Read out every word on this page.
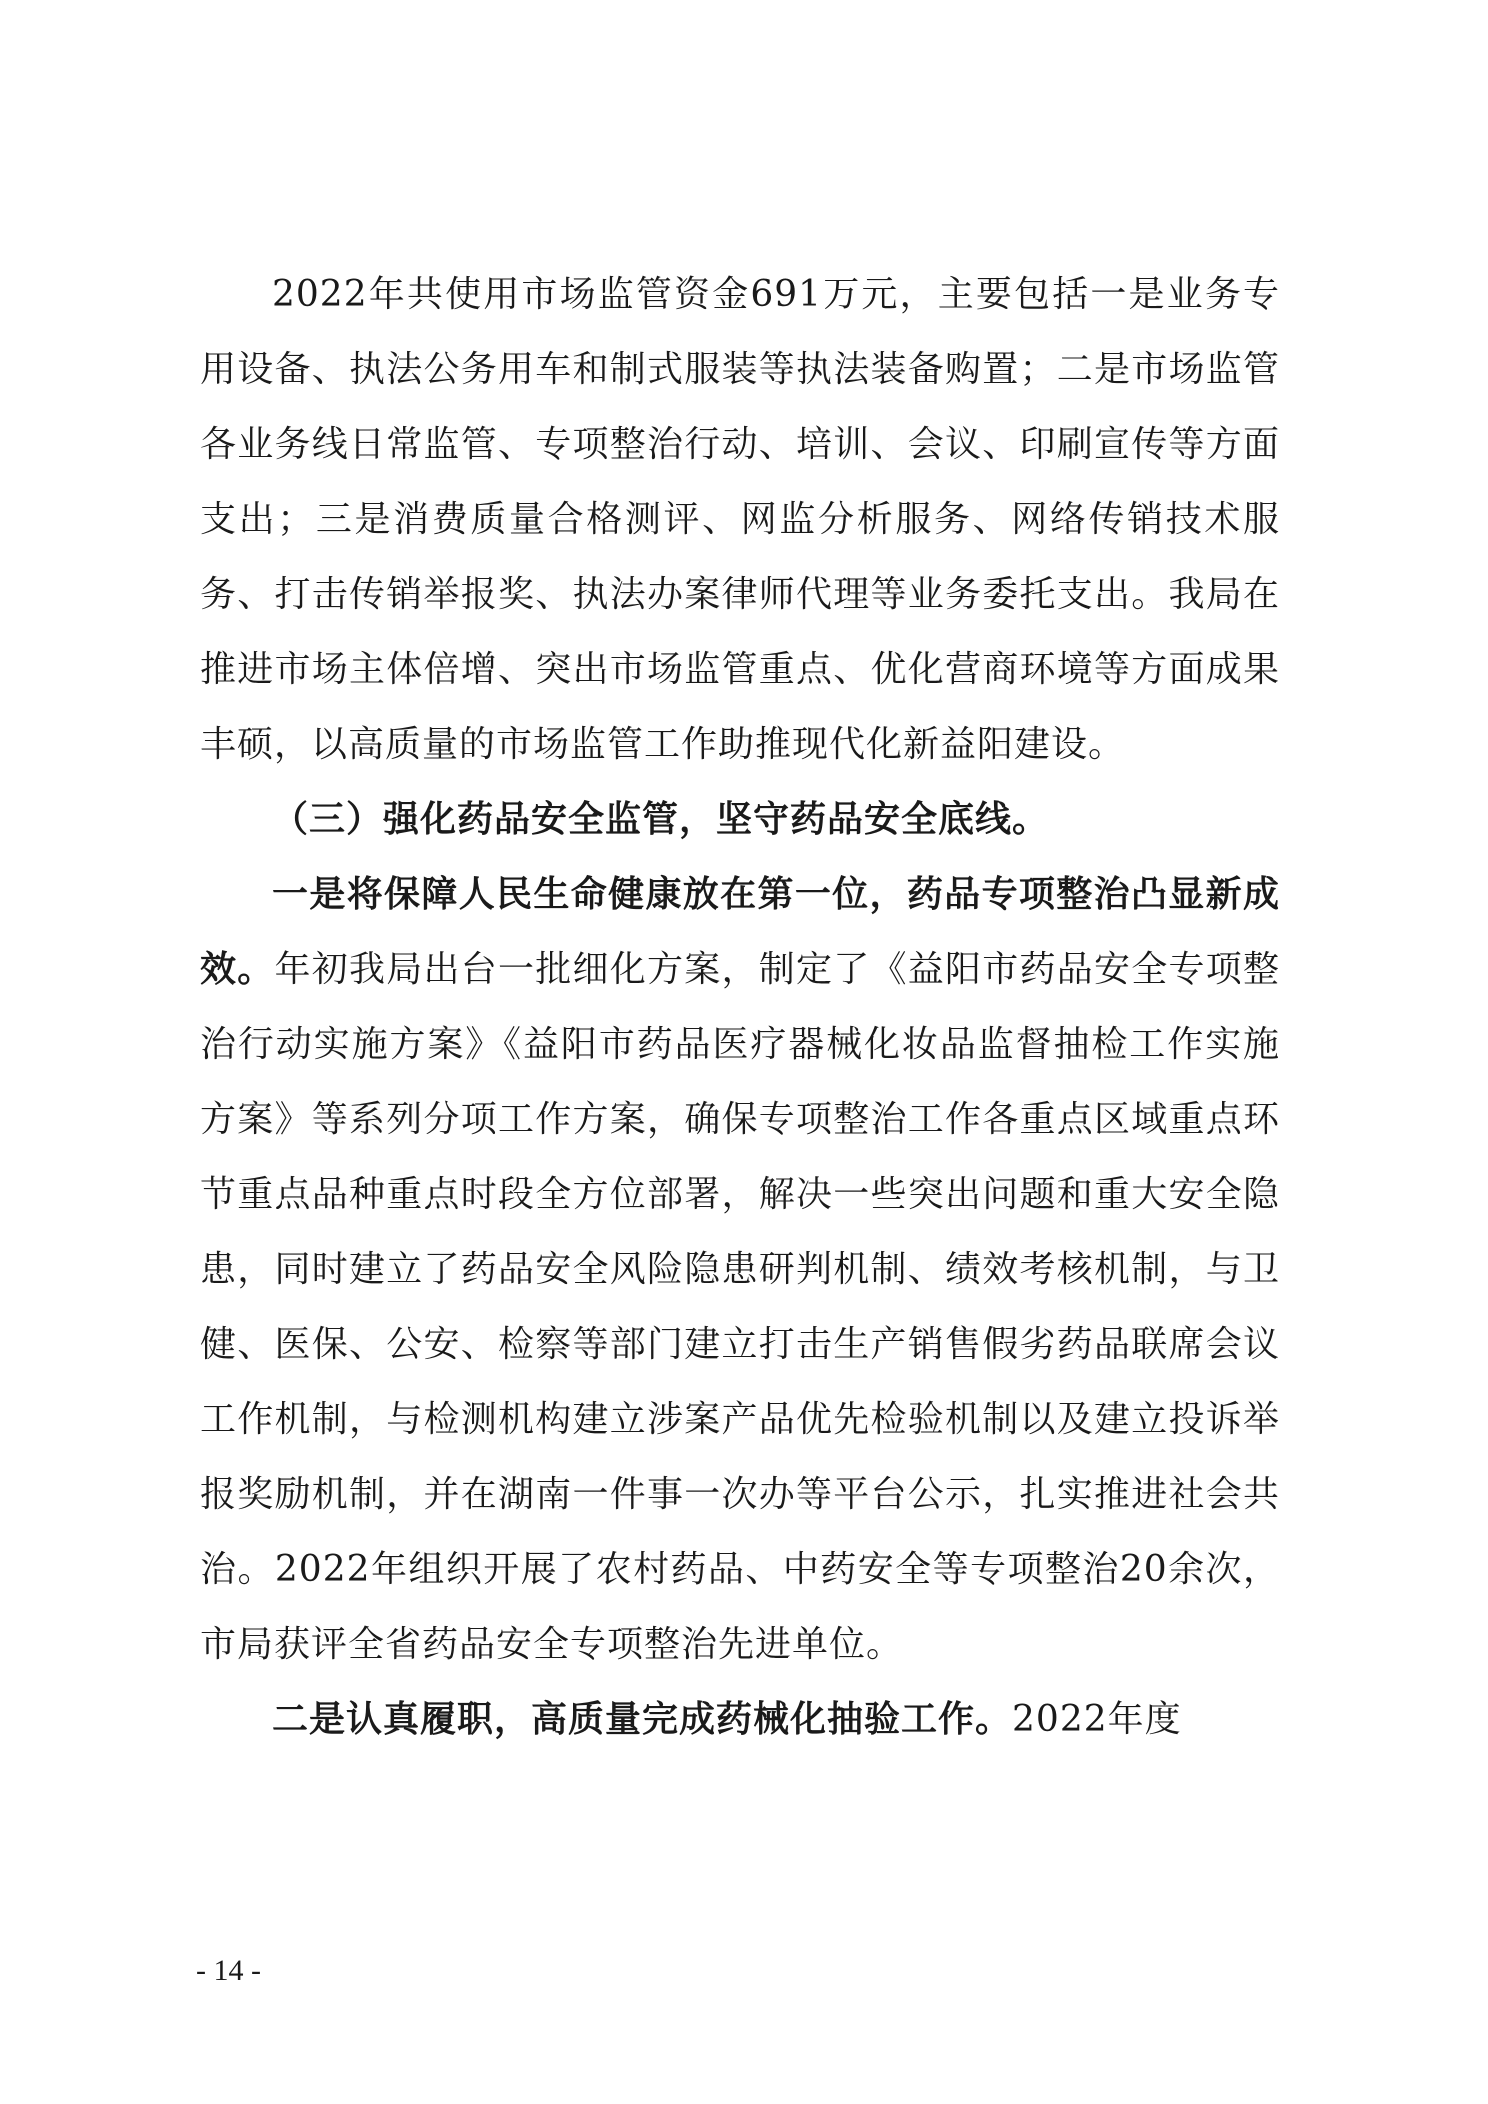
2022年共使用市场监管资金691万元，主要包括一是业务专用设备、执法公务用车和制式服装等执法装备购置；二是市场监管各业务线日常监管、专项整治行动、培训、会议、印刷宣传等方面支出；三是消费质量合格测评、网监分析服务、网络传销技术服务、打击传销举报奖、执法办案律师代理等业务委托支出。我局在推进市场主体倍增、突出市场监管重点、优化营商环境等方面成果丰硕，以高质量的市场监管工作助推现代化新益阳建设。

（三）强化药品安全监管，坚守药品安全底线。

一是将保障人民生命健康放在第一位，药品专项整治凸显新成效。年初我局出台一批细化方案，制定了《益阳市药品安全专项整治行动实施方案》《益阳市药品医疗器械化妆品监督抽检工作实施方案》等系列分项工作方案，确保专项整治工作各重点区域重点环节重点品种重点时段全方位部署，解决一些突出问题和重大安全隐患，同时建立了药品安全风险隐患研判机制、绩效考核机制，与卫健、医保、公安、检察等部门建立打击生产销售假劣药品联席会议工作机制，与检测机构建立涉案产品优先检验机制以及建立投诉举报奖励机制，并在湖南一件事一次办等平台公示，扎实推进社会共治。2022年组织开展了农村药品、中药安全等专项整治20余次，市局获评全省药品安全专项整治先进单位。

二是认真履职，高质量完成药械化抽验工作。2022年度

- 14 -
